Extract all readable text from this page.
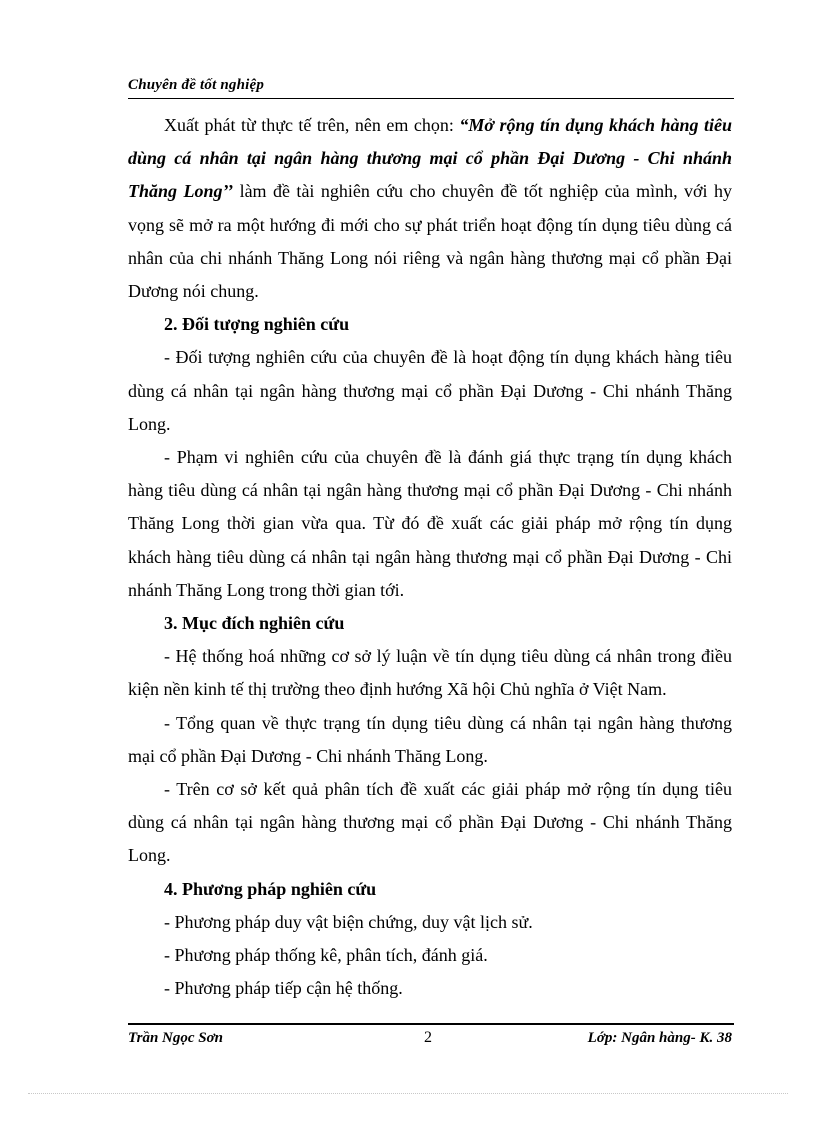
Chuyên đề tốt nghiệp

Xuất phát từ thực tế trên, nên em chọn: “Mở rộng tín dụng khách hàng tiêu dùng cá nhân tại ngân hàng thương mại cổ phần Đại Dương - Chi nhánh Thăng Long’’ làm đề tài nghiên cứu cho chuyên đề tốt nghiệp của mình, với hy vọng sẽ mở ra một hướng đi mới cho sự phát triển hoạt động tín dụng tiêu dùng cá nhân của chi nhánh Thăng Long nói riêng và ngân hàng thương mại cổ phần Đại Dương nói chung.

2. Đối tượng nghiên cứu

- Đối tượng nghiên cứu của chuyên đề là hoạt động tín dụng khách hàng tiêu dùng cá nhân tại ngân hàng thương mại cổ phần Đại Dương - Chi nhánh Thăng Long.

- Phạm vi nghiên cứu của chuyên đề là đánh giá thực trạng tín dụng khách hàng tiêu dùng cá nhân tại ngân hàng thương mại cổ phần Đại Dương - Chi nhánh Thăng Long thời gian vừa qua. Từ đó đề xuất các giải pháp mở rộng tín dụng khách hàng tiêu dùng cá nhân tại ngân hàng thương mại cổ phần Đại Dương - Chi nhánh Thăng Long trong thời gian tới.

3. Mục đích nghiên cứu

- Hệ thống hoá những cơ sở lý luận về tín dụng tiêu dùng cá nhân trong điều kiện nền kinh tế thị trường theo định hướng Xã hội Chủ nghĩa ở Việt Nam.

- Tổng quan về thực trạng tín dụng tiêu dùng cá nhân tại ngân hàng thương mại cổ phần Đại Dương - Chi nhánh Thăng Long.

- Trên cơ sở kết quả phân tích đề xuất các giải pháp mở rộng tín dụng tiêu dùng cá nhân tại ngân hàng thương mại cổ phần Đại Dương - Chi nhánh Thăng Long.

4. Phương pháp nghiên cứu

- Phương pháp duy vật biện chứng, duy vật lịch sử.

- Phương pháp thống kê, phân tích, đánh giá.

- Phương pháp tiếp cận hệ thống.

Trần Ngọc Sơn	2	Lớp: Ngân hàng- K. 38
